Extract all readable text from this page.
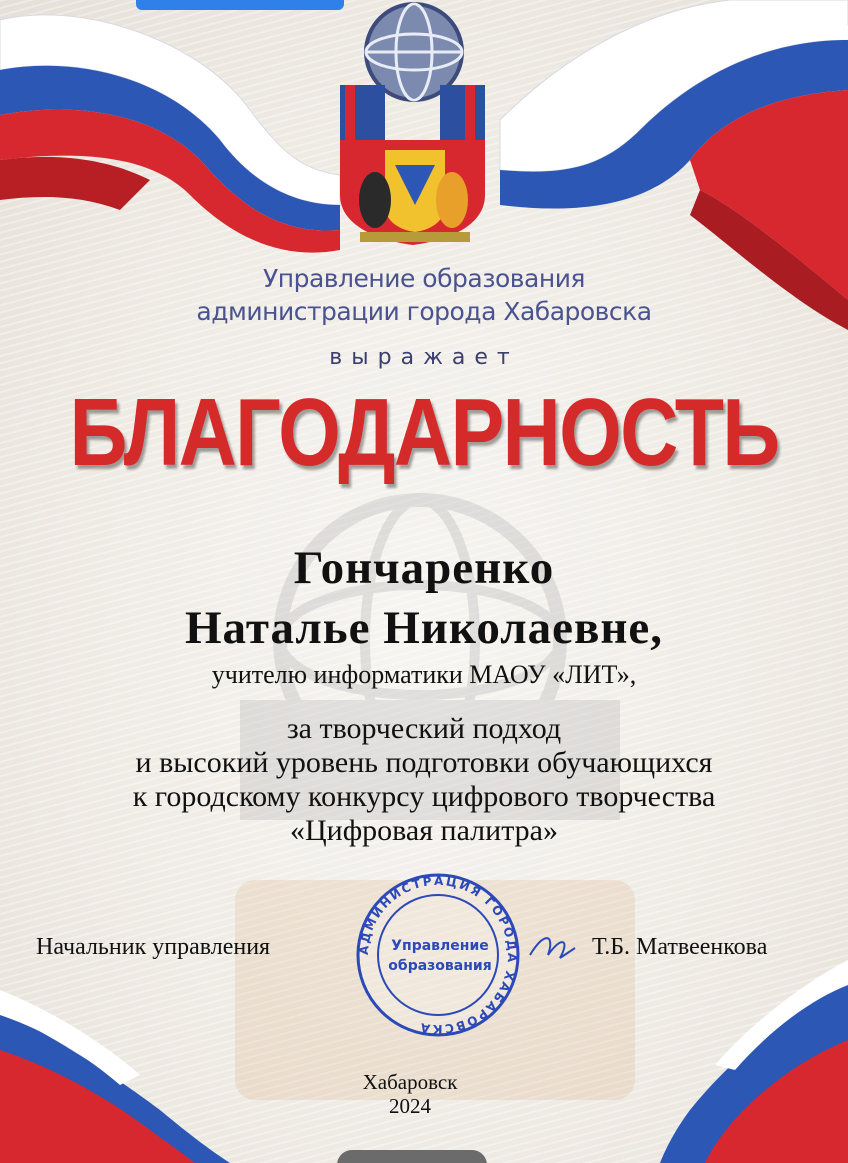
АДМИНИСТРАЦИЯ ГОРОДА ХАБАРОВСКА
Управление
образования
Управление образования
администрации города Хабаровска
выражает
БЛАГОДАРНОСТЬ
Гончаренко
Наталье Николаевне,
учителю информатики МАОУ «ЛИТ»,
за творческий подход
и высокий уровень подготовки обучающихся
к городскому конкурсу цифрового творчества
«Цифровая палитра»
Начальник управления	Т.Б. Матвеенкова
Хабаровск
2024
